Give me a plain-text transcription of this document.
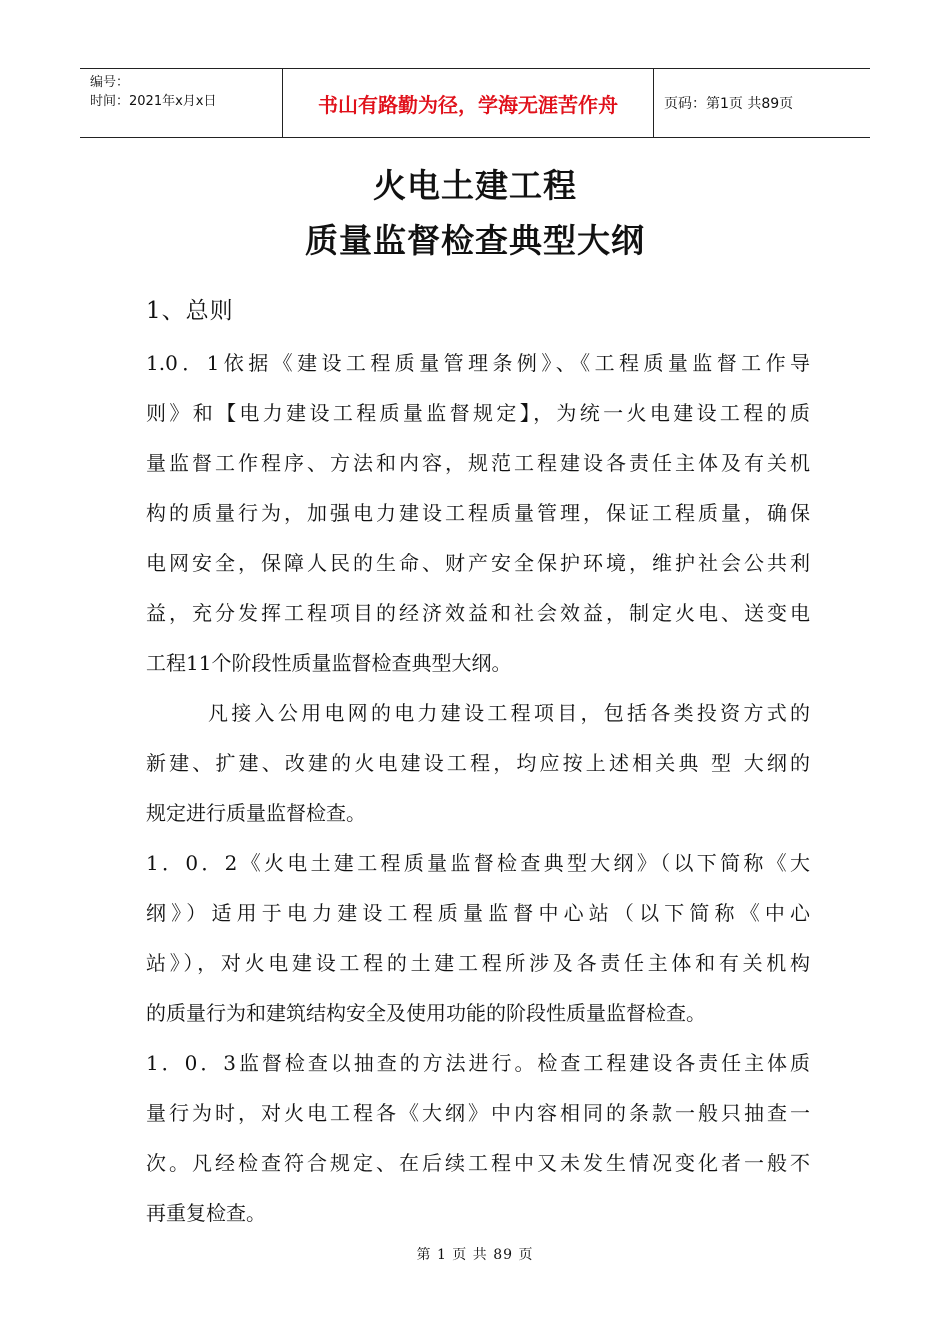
编号：
时间：2021年x月x日	书山有路勤为径，学海无涯苦作舟	页码：第1页 共89页
火电土建工程
质量监督检查典型大纲
1、总则
1.0．1依据《建设工程质量管理条例》、《工程质量监督工作导
则》和【电力建设工程质量监督规定】，为统一火电建设工程的质
量监督工作程序、方法和内容，规范工程建设各责任主体及有关机
构的质量行为，加强电力建设工程质量管理，保证工程质量，确保
电网安全，保障人民的生命、财产安全保护环境，维护社会公共利
益，充分发挥工程项目的经济效益和社会效益，制定火电、送变电
工程11个阶段性质量监督检查典型大纲。
凡接入公用电网的电力建设工程项目，包括各类投资方式的
新建、扩建、改建的火电建设工程，均应按上述相关典 型 大纲的
规定进行质量监督检查。
1．0．2《火电土建工程质量监督检查典型大纲》（以下简称《大
纲》）适用于电力建设工程质量监督中心站（以下简称《中心
站》），对火电建设工程的土建工程所涉及各责任主体和有关机构
的质量行为和建筑结构安全及使用功能的阶段性质量监督检查。
1．0．3监督检查以抽查的方法进行。检查工程建设各责任主体质
量行为时，对火电工程各《大纲》中内容相同的条款一般只抽查一
次。凡经检查符合规定、在后续工程中又未发生情况变化者一般不
再重复检查。
第 1 页 共 89 页
